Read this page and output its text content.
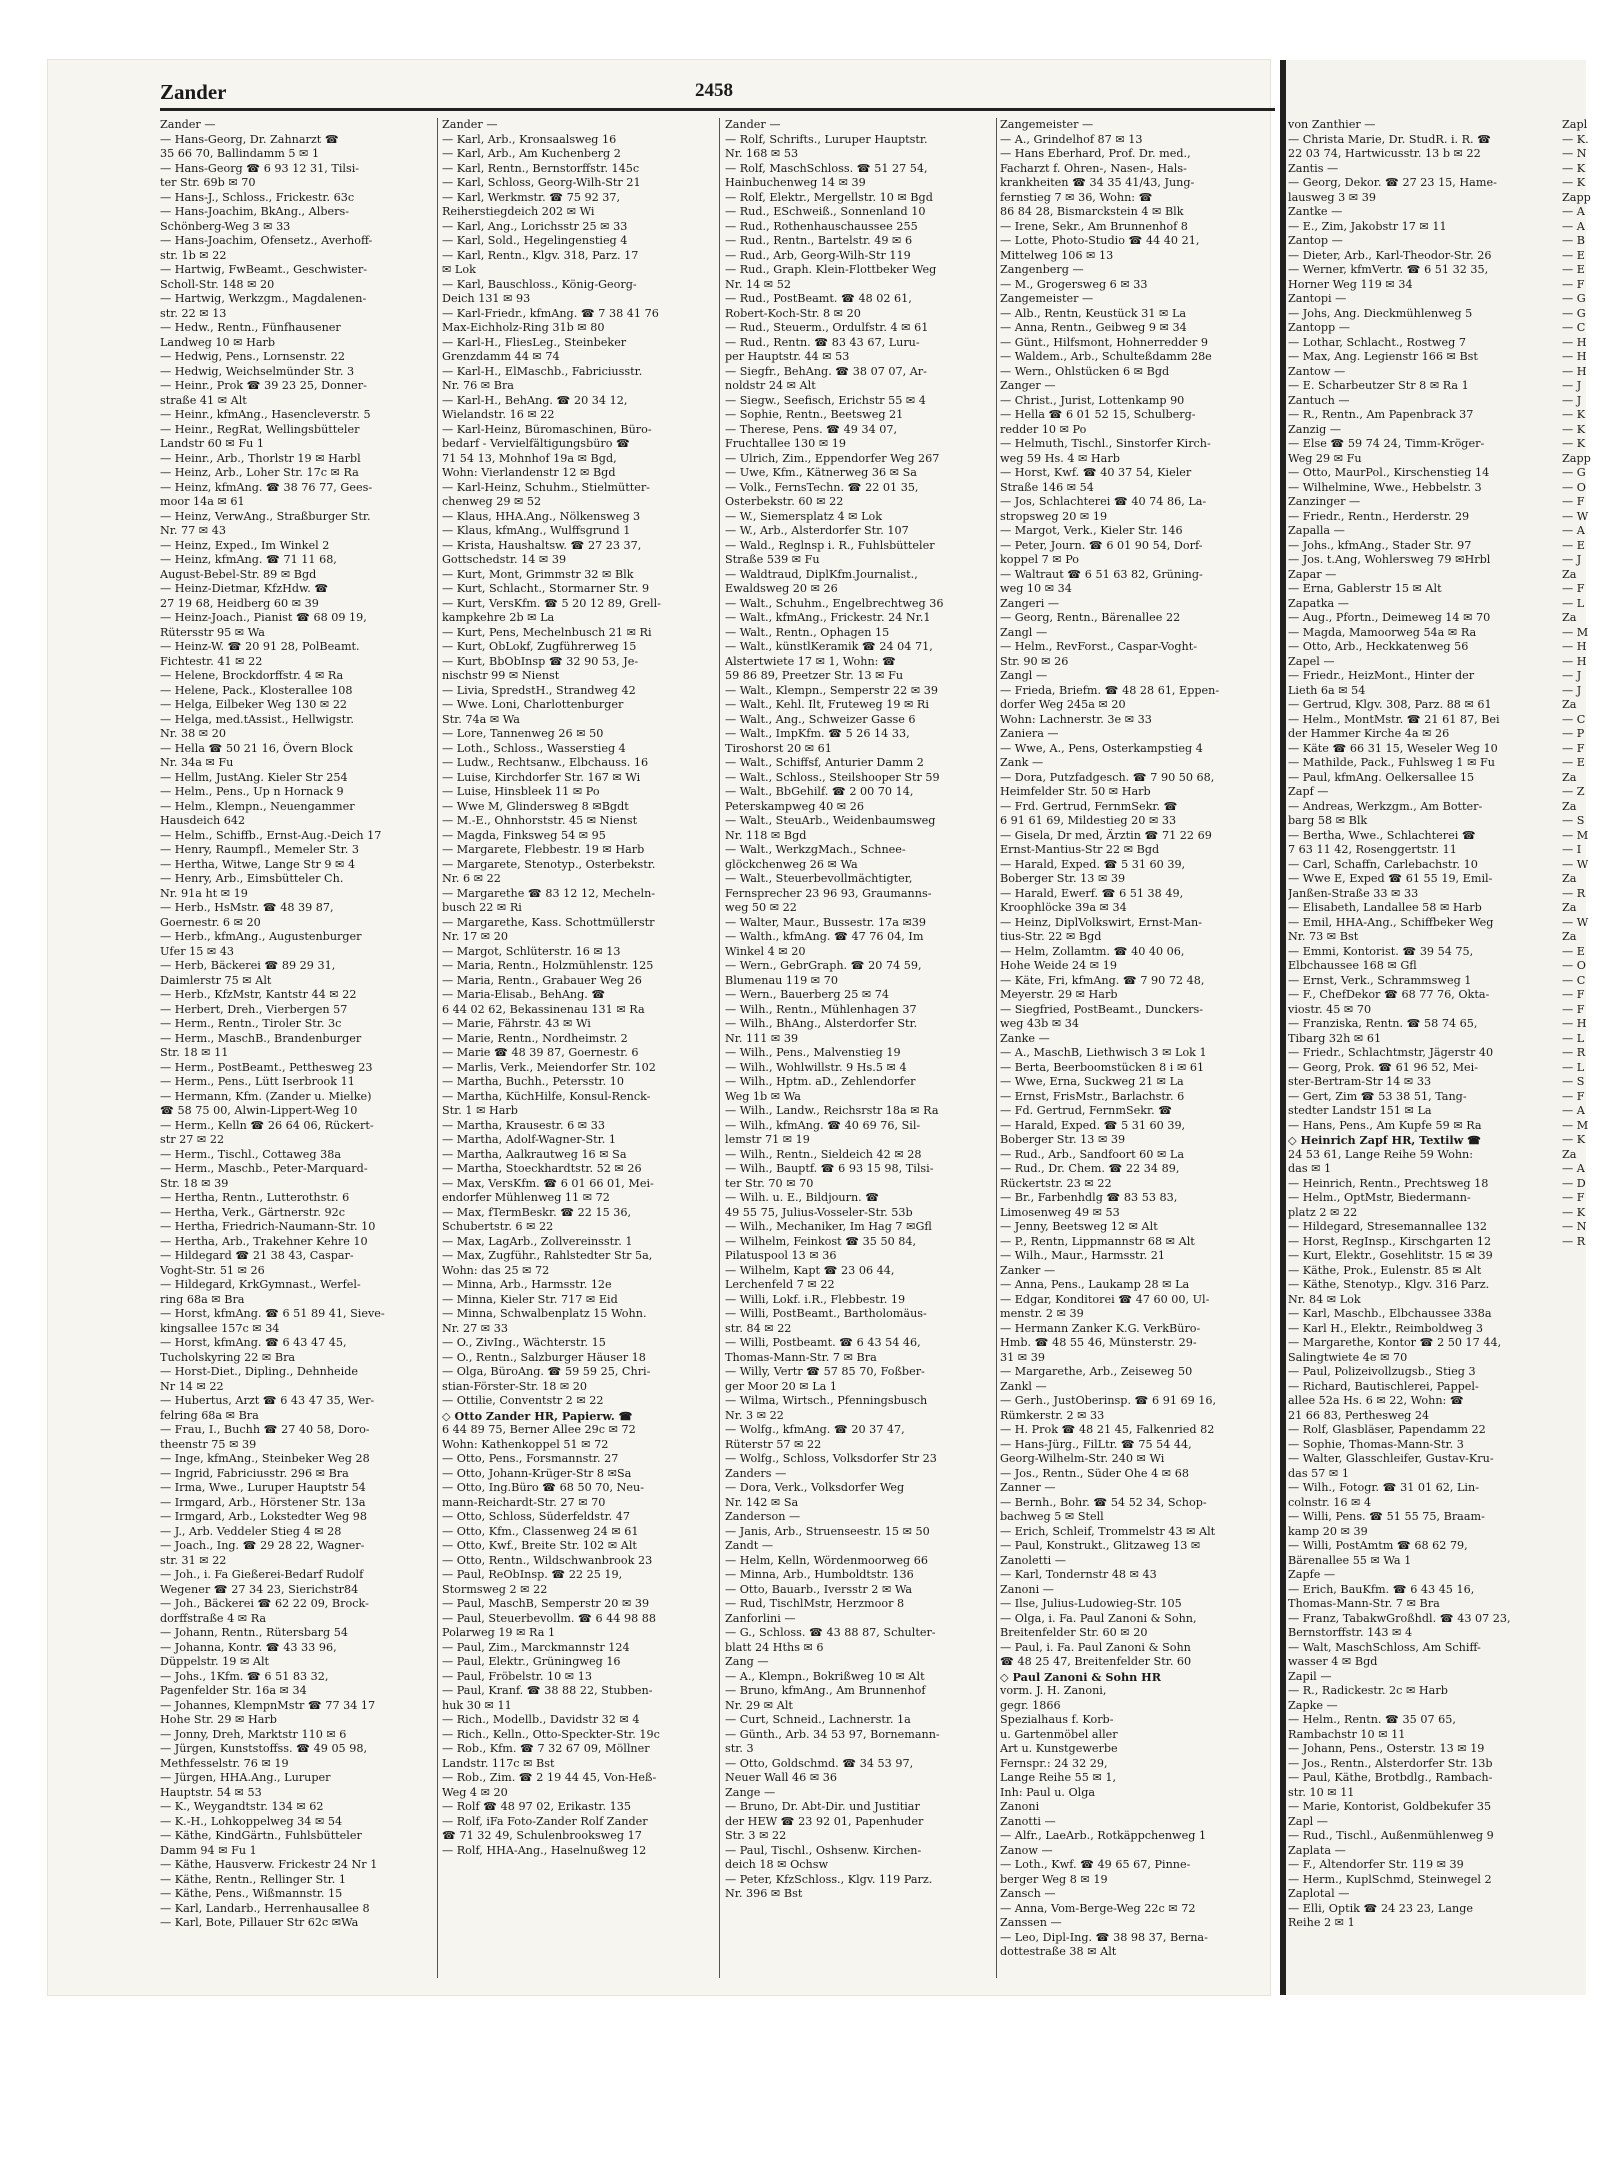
Zander	2458
Zander —
— Hans-Georg, Dr. Zahnarzt ☎
35 66 70, Ballindamm 5 ✉ 1
— Hans-Georg ☎ 6 93 12 31, Tilsi-
ter Str. 69b ✉ 70
— Hans-J., Schloss., Frickestr. 63c
— Hans-Joachim, BkAng., Albers-
Schönberg-Weg 3 ✉ 33
— Hans-Joachim, Ofensetz., Averhoff-
str. 1b ✉ 22
— Hartwig, FwBeamt., Geschwister-
Scholl-Str. 148 ✉ 20
— Hartwig, Werkzgm., Magdalenen-
str. 22 ✉ 13
— Hedw., Rentn., Fünfhausener
Landweg 10 ✉ Harb
— Hedwig, Pens., Lornsenstr. 22
— Hedwig, Weichselmünder Str. 3
— Heinr., Prok ☎ 39 23 25, Donner-
straße 41 ✉ Alt
— Heinr., kfmAng., Hasencleverstr. 5
— Heinr., RegRat, Wellingsbütteler
Landstr 60 ✉ Fu 1
— Heinr., Arb., Thorlstr 19 ✉ Harbl
— Heinz, Arb., Loher Str. 17c ✉ Ra
— Heinz, kfmAng. ☎ 38 76 77, Gees-
moor 14a ✉ 61
— Heinz, VerwAng., Straßburger Str.
Nr. 77 ✉ 43
— Heinz, Exped., Im Winkel 2
— Heinz, kfmAng. ☎ 71 11 68,
August-Bebel-Str. 89 ✉ Bgd
— Heinz-Dietmar, KfzHdw. ☎
27 19 68, Heidberg 60 ✉ 39
— Heinz-Joach., Pianist ☎ 68 09 19,
Rütersstr 95 ✉ Wa
— Heinz-W. ☎ 20 91 28, PolBeamt.
Fichtestr. 41 ✉ 22
— Helene, Brockdorffstr. 4 ✉ Ra
— Helene, Pack., Klosterallee 108
— Helga, Eilbeker Weg 130 ✉ 22
— Helga, med.tAssist., Hellwigstr.
Nr. 38 ✉ 20
— Hella ☎ 50 21 16, Övern Block
Nr. 34a ✉ Fu
— Hellm, JustAng. Kieler Str 254
— Helm., Pens., Up n Hornack 9
— Helm., Klempn., Neuengammer
Hausdeich 642
— Helm., Schiffb., Ernst-Aug.-Deich 17
— Henry, Raumpfl., Memeler Str. 3
— Hertha, Witwe, Lange Str 9 ✉ 4
— Henry, Arb., Eimsbütteler Ch.
Nr. 91a ht ✉ 19
— Herb., HsMstr. ☎ 48 39 87,
Goernestr. 6 ✉ 20
— Herb., kfmAng., Augustenburger
Ufer 15 ✉ 43
— Herb, Bäckerei ☎ 89 29 31,
Daimlerstr 75 ✉ Alt
— Herb., KfzMstr, Kantstr 44 ✉ 22
— Herbert, Dreh., Vierbergen 57
— Herm., Rentn., Tiroler Str. 3c
— Herm., MaschB., Brandenburger
Str. 18 ✉ 11
— Herm., PostBeamt., Petthesweg 23
— Herm., Pens., Lütt Iserbrook 11
— Hermann, Kfm. (Zander u. Mielke)
☎ 58 75 00, Alwin-Lippert-Weg 10
— Herm., Kelln ☎ 26 64 06, Rückert-
str 27 ✉ 22
— Herm., Tischl., Cottaweg 38a
— Herm., Maschb., Peter-Marquard-
Str. 18 ✉ 39
— Hertha, Rentn., Lutterothstr. 6
— Hertha, Verk., Gärtnerstr. 92c
— Hertha, Friedrich-Naumann-Str. 10
— Hertha, Arb., Trakehner Kehre 10
— Hildegard ☎ 21 38 43, Caspar-
Voght-Str. 51 ✉ 26
— Hildegard, KrkGymnast., Werfel-
ring 68a ✉ Bra
— Horst, kfmAng. ☎ 6 51 89 41, Sieve-
kingsallee 157c ✉ 34
— Horst, kfmAng. ☎ 6 43 47 45,
Tucholskyring 22 ✉ Bra
— Horst-Diet., Dipling., Dehnheide
Nr 14 ✉ 22
— Hubertus, Arzt ☎ 6 43 47 35, Wer-
felring 68a ✉ Bra
— Frau, I., Buchh ☎ 27 40 58, Doro-
theenstr 75 ✉ 39
— Inge, kfmAng., Steinbeker Weg 28
— Ingrid, Fabriciusstr. 296 ✉ Bra
— Irma, Wwe., Luruper Hauptstr 54
— Irmgard, Arb., Hörstener Str. 13a
— Irmgard, Arb., Lokstedter Weg 98
— J., Arb. Veddeler Stieg 4 ✉ 28
— Joach., Ing. ☎ 29 28 22, Wagner-
str. 31 ✉ 22
— Joh., i. Fa Gießerei-Bedarf Rudolf
Wegener ☎ 27 34 23, Sierichstr84
— Joh., Bäckerei ☎ 62 22 09, Brock-
dorffstraße 4 ✉ Ra
— Johann, Rentn., Rütersbarg 54
— Johanna, Kontr. ☎ 43 33 96,
Düppelstr. 19 ✉ Alt
— Johs., 1Kfm. ☎ 6 51 83 32,
Pagenfelder Str. 16a ✉ 34
— Johannes, KlempnMstr ☎ 77 34 17
Hohe Str. 29 ✉ Harb
— Jonny, Dreh, Marktstr 110 ✉ 6
— Jürgen, Kunststoffss. ☎ 49 05 98,
Methfesselstr. 76 ✉ 19
— Jürgen, HHA.Ang., Luruper
Hauptstr. 54 ✉ 53
— K., Weygandtstr. 134 ✉ 62
— K.-H., Lohkoppelweg 34 ✉ 54
— Käthe, KindGärtn., Fuhlsbütteler
Damm 94 ✉ Fu 1
— Käthe, Hausverw. Frickestr 24 Nr 1
— Käthe, Rentn., Rellinger Str. 1
— Käthe, Pens., Wißmannstr. 15
— Karl, Landarb., Herrenhausallee 8
— Karl, Bote, Pillauer Str 62c ✉Wa
Zander —
— Karl, Arb., Kronsaalsweg 16
— Karl, Arb., Am Kuchenberg 2
— Karl, Rentn., Bernstorffstr. 145c
— Karl, Schloss, Georg-Wilh-Str 21
— Karl, Werkmstr. ☎ 75 92 37,
Reiherstiegdeich 202 ✉ Wi
— Karl, Ang., Lorichsstr 25 ✉ 33
— Karl, Sold., Hegelingenstieg 4
— Karl, Rentn., Klgv. 318, Parz. 17
✉ Lok
— Karl, Bauschloss., König-Georg-
Deich 131 ✉ 93
— Karl-Friedr., kfmAng. ☎ 7 38 41 76
Max-Eichholz-Ring 31b ✉ 80
— Karl-H., FliesLeg., Steinbeker
Grenzdamm 44 ✉ 74
— Karl-H., ElMaschb., Fabriciusstr.
Nr. 76 ✉ Bra
— Karl-H., BehAng. ☎ 20 34 12,
Wielandstr. 16 ✉ 22
— Karl-Heinz, Büromaschinen, Büro-
bedarf - Vervielfältigungsbüro ☎
71 54 13, Mohnhof 19a ✉ Bgd,
Wohn: Vierlandenstr 12 ✉ Bgd
— Karl-Heinz, Schuhm., Stielmütter-
chenweg 29 ✉ 52
— Klaus, HHA.Ang., Nölkensweg 3
— Klaus, kfmAng., Wulffsgrund 1
— Krista, Haushaltsw. ☎ 27 23 37,
Gottschedstr. 14 ✉ 39
— Kurt, Mont, Grimmstr 32 ✉ Blk
— Kurt, Schlacht., Stormarner Str. 9
— Kurt, VersKfm. ☎ 5 20 12 89, Grell-
kampkehre 2b ✉ La
— Kurt, Pens, Mechelnbusch 21 ✉ Ri
— Kurt, ObLokf, Zugführerweg 15
— Kurt, BbObInsp ☎ 32 90 53, Je-
nischstr 99 ✉ Nienst
— Livia, SpredstH., Strandweg 42
— Wwe. Loni, Charlottenburger
Str. 74a ✉ Wa
— Lore, Tannenweg 26 ✉ 50
— Loth., Schloss., Wasserstieg 4
— Ludw., Rechtsanw., Elbchauss. 16
— Luise, Kirchdorfer Str. 167 ✉ Wi
— Luise, Hinsbleek 11 ✉ Po
— Wwe M, Glindersweg 8 ✉Bgdt
— M.-E., Ohnhorststr. 45 ✉ Nienst
— Magda, Finksweg 54 ✉ 95
— Margarete, Flebbestr. 19 ✉ Harb
— Margarete, Stenotyp., Osterbekstr.
Nr. 6 ✉ 22
— Margarethe ☎ 83 12 12, Mecheln-
busch 22 ✉ Ri
— Margarethe, Kass. Schottmüllerstr
Nr. 17 ✉ 20
— Margot, Schlüterstr. 16 ✉ 13
— Maria, Rentn., Holzmühlenstr. 125
— Maria, Rentn., Grabauer Weg 26
— Maria-Elisab., BehAng. ☎
6 44 02 62, Bekassinenau 131 ✉ Ra
— Marie, Fährstr. 43 ✉ Wi
— Marie, Rentn., Nordheimstr. 2
— Marie ☎ 48 39 87, Goernestr. 6
— Marlis, Verk., Meiendorfer Str. 102
— Martha, Buchh., Petersstr. 10
— Martha, KüchHilfe, Konsul-Renck-
Str. 1 ✉ Harb
— Martha, Krausestr. 6 ✉ 33
— Martha, Adolf-Wagner-Str. 1
— Martha, Aalkrautweg 16 ✉ Sa
— Martha, Stoeckhardtstr. 52 ✉ 26
— Max, VersKfm. ☎ 6 01 66 01, Mei-
endorfer Mühlenweg 11 ✉ 72
— Max, fTermBeskr. ☎ 22 15 36,
Schubertstr. 6 ✉ 22
— Max, LagArb., Zollvereinsstr. 1
— Max, Zugführ., Rahlstedter Str 5a,
Wohn: das 25 ✉ 72
— Minna, Arb., Harmsstr. 12e
— Minna, Kieler Str. 717 ✉ Eid
— Minna, Schwalbenplatz 15 Wohn.
Nr. 27 ✉ 33
— O., ZivIng., Wächterstr. 15
— O., Rentn., Salzburger Häuser 18
— Olga, BüroAng. ☎ 59 59 25, Chri-
stian-Förster-Str. 18 ✉ 20
— Ottilie, Conventstr 2 ✉ 22
◇ Otto Zander HR, Papierw. ☎
6 44 89 75, Berner Allee 29c ✉ 72
Wohn: Kathenkoppel 51 ✉ 72
— Otto, Pens., Forsmannstr. 27
— Otto, Johann-Krüger-Str 8 ✉Sa
— Otto, Ing.Büro ☎ 68 50 70, Neu-
mann-Reichardt-Str. 27 ✉ 70
— Otto, Schloss, Süderfeldstr. 47
— Otto, Kfm., Classenweg 24 ✉ 61
— Otto, Kwf., Breite Str. 102 ✉ Alt
— Otto, Rentn., Wildschwanbrook 23
— Paul, ReObInsp. ☎ 22 25 19,
Stormsweg 2 ✉ 22
— Paul, MaschB, Semperstr 20 ✉ 39
— Paul, Steuerbevollm. ☎ 6 44 98 88
Polarweg 19 ✉ Ra 1
— Paul, Zim., Marckmannstr 124
— Paul, Elektr., Grüningweg 16
— Paul, Fröbelstr. 10 ✉ 13
— Paul, Kranf. ☎ 38 88 22, Stubben-
huk 30 ✉ 11
— Rich., Modellb., Davidstr 32 ✉ 4
— Rich., Kelln., Otto-Speckter-Str. 19c
— Rob., Kfm. ☎ 7 32 67 09, Möllner
Landstr. 117c ✉ Bst
— Rob., Zim. ☎ 2 19 44 45, Von-Heß-
Weg 4 ✉ 20
— Rolf ☎ 48 97 02, Erikastr. 135
— Rolf, iFa Foto-Zander Rolf Zander
☎ 71 32 49, Schulenbrooksweg 17
— Rolf, HHA-Ang., Haselnußweg 12
Zander —
— Rolf, Schrifts., Luruper Hauptstr.
Nr. 168 ✉ 53
— Rolf, MaschSchloss. ☎ 51 27 54,
Hainbuchenweg 14 ✉ 39
— Rolf, Elektr., Mergellstr. 10 ✉ Bgd
— Rud., ESchweiß., Sonnenland 10
— Rud., Rothenhauschaussee 255
— Rud., Rentn., Bartelstr. 49 ✉ 6
— Rud., Arb, Georg-Wilh-Str 119
— Rud., Graph. Klein-Flottbeker Weg
Nr. 14 ✉ 52
— Rud., PostBeamt. ☎ 48 02 61,
Robert-Koch-Str. 8 ✉ 20
— Rud., Steuerm., Ordulfstr. 4 ✉ 61
— Rud., Rentn. ☎ 83 43 67, Luru-
per Hauptstr. 44 ✉ 53
— Siegfr., BehAng. ☎ 38 07 07, Ar-
noldstr 24 ✉ Alt
— Siegw., Seefisch, Erichstr 55 ✉ 4
— Sophie, Rentn., Beetsweg 21
— Therese, Pens. ☎ 49 34 07,
Fruchtallee 130 ✉ 19
— Ulrich, Zim., Eppendorfer Weg 267
— Uwe, Kfm., Kätnerweg 36 ✉ Sa
— Volk., FernsTechn. ☎ 22 01 35,
Osterbekstr. 60 ✉ 22
— W., Siemersplatz 4 ✉ Lok
— W., Arb., Alsterdorfer Str. 107
— Wald., Reglnsp i. R., Fuhlsbütteler
Straße 539 ✉ Fu
— Waldtraud, DiplKfm.Journalist.,
Ewaldsweg 20 ✉ 26
— Walt., Schuhm., Engelbrechtweg 36
— Walt., kfmAng., Frickestr. 24 Nr.1
— Walt., Rentn., Ophagen 15
— Walt., künstlKeramik ☎ 24 04 71,
Alstertwiete 17 ✉ 1, Wohn: ☎
59 86 89, Preetzer Str. 13 ✉ Fu
— Walt., Klempn., Semperstr 22 ✉ 39
— Walt., Kehl. Ilt, Fruteweg 19 ✉ Ri
— Walt., Ang., Schweizer Gasse 6
— Walt., ImpKfm. ☎ 5 26 14 33,
Tiroshorst 20 ✉ 61
— Walt., Schiffsf, Anturier Damm 2
— Walt., Schloss., Steilshooper Str 59
— Walt., BbGehilf. ☎ 2 00 70 14,
Peterskampweg 40 ✉ 26
— Walt., SteuArb., Weidenbaumsweg
Nr. 118 ✉ Bgd
— Walt., WerkzgMach., Schnee-
glöckchenweg 26 ✉ Wa
— Walt., Steuerbevollmächtigter,
Fernsprecher 23 96 93, Graumanns-
weg 50 ✉ 22
— Walter, Maur., Bussestr. 17a ✉39
— Walth., kfmAng. ☎ 47 76 04, Im
Winkel 4 ✉ 20
— Wern., GebrGraph. ☎ 20 74 59,
Blumenau 119 ✉ 70
— Wern., Bauerberg 25 ✉ 74
— Wilh., Rentn., Mühlenhagen 37
— Wilh., BhAng., Alsterdorfer Str.
Nr. 111 ✉ 39
— Wilh., Pens., Malvenstieg 19
— Wilh., Wohlwillstr. 9 Hs.5 ✉ 4
— Wilh., Hptm. aD., Zehlendorfer
Weg 1b ✉ Wa
— Wilh., Landw., Reichsrstr 18a ✉ Ra
— Wilh., kfmAng. ☎ 40 69 76, Sil-
lemstr 71 ✉ 19
— Wilh., Rentn., Sieldeich 42 ✉ 28
— Wilh., Bauptf. ☎ 6 93 15 98, Tilsi-
ter Str. 70 ✉ 70
— Wilh. u. E., Bildjourn. ☎
49 55 75, Julius-Vosseler-Str. 53b
— Wilh., Mechaniker, Im Hag 7 ✉Gfl
— Wilhelm, Feinkost ☎ 35 50 84,
Pilatuspool 13 ✉ 36
— Wilhelm, Kapt ☎ 23 06 44,
Lerchenfeld 7 ✉ 22
— Willi, Lokf. i.R., Flebbestr. 19
— Willi, PostBeamt., Bartholomäus-
str. 84 ✉ 22
— Willi, Postbeamt. ☎ 6 43 54 46,
Thomas-Mann-Str. 7 ✉ Bra
— Willy, Vertr ☎ 57 85 70, Foßber-
ger Moor 20 ✉ La 1
— Wilma, Wirtsch., Pfenningsbusch
Nr. 3 ✉ 22
— Wolfg., kfmAng. ☎ 20 37 47,
Rüterstr 57 ✉ 22
— Wolfg., Schloss, Volksdorfer Str 23
Zanders —
— Dora, Verk., Volksdorfer Weg
Nr. 142 ✉ Sa
Zanderson —
— Janis, Arb., Struenseestr. 15 ✉ 50
Zandt —
— Helm, Kelln, Wördenmoorweg 66
— Minna, Arb., Humboldtstr. 136
— Otto, Bauarb., Iversstr 2 ✉ Wa
— Rud, TischlMstr, Herzmoor 8
Zanforlini —
— G., Schloss. ☎ 43 88 87, Schulter-
blatt 24 Hths ✉ 6
Zang —
— A., Klempn., Bokrißweg 10 ✉ Alt
— Bruno, kfmAng., Am Brunnenhof
Nr. 29 ✉ Alt
— Curt, Schneid., Lachnerstr. 1a
— Günth., Arb. 34 53 97, Bornemann-
str. 3
— Otto, Goldschmd. ☎ 34 53 97,
Neuer Wall 46 ✉ 36
Zange —
— Bruno, Dr. Abt-Dir. und Justitiar
der HEW ☎ 23 92 01, Papenhuder
Str. 3 ✉ 22
— Paul, Tischl., Oshsenw. Kirchen-
deich 18 ✉ Ochsw
— Peter, KfzSchloss., Klgv. 119 Parz.
Nr. 396 ✉ Bst
Zangemeister —
— A., Grindelhof 87 ✉ 13
— Hans Eberhard, Prof. Dr. med.,
Facharzt f. Ohren-, Nasen-, Hals-
krankheiten ☎ 34 35 41/43, Jung-
fernstieg 7 ✉ 36, Wohn: ☎
86 84 28, Bismarckstein 4 ✉ Blk
— Irene, Sekr., Am Brunnenhof 8
— Lotte, Photo-Studio ☎ 44 40 21,
Mittelweg 106 ✉ 13
Zangenberg —
— M., Grogersweg 6 ✉ 33
Zangemeister —
— Alb., Rentn, Keustück 31 ✉ La
— Anna, Rentn., Geibweg 9 ✉ 34
— Günt., Hilfsmont, Hohnerredder 9
— Waldem., Arb., Schulteßdamm 28e
— Wern., Ohlstücken 6 ✉ Bgd
Zanger —
— Christ., Jurist, Lottenkamp 90
— Hella ☎ 6 01 52 15, Schulberg-
redder 10 ✉ Po
— Helmuth, Tischl., Sinstorfer Kirch-
weg 59 Hs. 4 ✉ Harb
— Horst, Kwf. ☎ 40 37 54, Kieler
Straße 146 ✉ 54
— Jos, Schlachterei ☎ 40 74 86, La-
stropsweg 20 ✉ 19
— Margot, Verk., Kieler Str. 146
— Peter, Journ. ☎ 6 01 90 54, Dorf-
koppel 7 ✉ Po
— Waltraut ☎ 6 51 63 82, Grüning-
weg 10 ✉ 34
Zangeri —
— Georg, Rentn., Bärenallee 22
Zangl —
— Helm., RevForst., Caspar-Voght-
Str. 90 ✉ 26
Zangl —
— Frieda, Briefm. ☎ 48 28 61, Eppen-
dorfer Weg 245a ✉ 20
Wohn: Lachnerstr. 3e ✉ 33
Zaniera —
— Wwe, A., Pens, Osterkampstieg 4
Zank —
— Dora, Putzfadgesch. ☎ 7 90 50 68,
Heimfelder Str. 50 ✉ Harb
— Frd. Gertrud, FernmSekr. ☎
6 91 61 69, Mildestieg 20 ✉ 33
— Gisela, Dr med, Ärztin ☎ 71 22 69
Ernst-Mantius-Str 22 ✉ Bgd
— Harald, Exped. ☎ 5 31 60 39,
Boberger Str. 13 ✉ 39
— Harald, Ewerf. ☎ 6 51 38 49,
Kroophlöcke 39a ✉ 34
— Heinz, DiplVolkswirt, Ernst-Man-
tius-Str. 22 ✉ Bgd
— Helm, Zollamtm. ☎ 40 40 06,
Hohe Weide 24 ✉ 19
— Käte, Fri, kfmAng. ☎ 7 90 72 48,
Meyerstr. 29 ✉ Harb
— Siegfried, PostBeamt., Dunckers-
weg 43b ✉ 34
Zanke —
— A., MaschB, Liethwisch 3 ✉ Lok 1
— Berta, Beerboomstücken 8 i ✉ 61
— Wwe, Erna, Suckweg 21 ✉ La
— Ernst, FrisMstr., Barlachstr. 6
— Fd. Gertrud, FernmSekr. ☎
— Harald, Exped. ☎ 5 31 60 39,
Boberger Str. 13 ✉ 39
— Rud., Arb., Sandfoort 60 ✉ La
— Rud., Dr. Chem. ☎ 22 34 89,
Rückertstr. 23 ✉ 22
— Br., Farbenhdlg ☎ 83 53 83,
Limosenweg 49 ✉ 53
— Jenny, Beetsweg 12 ✉ Alt
— P., Rentn, Lippmannstr 68 ✉ Alt
— Wilh., Maur., Harmsstr. 21
Zanker —
— Anna, Pens., Laukamp 28 ✉ La
— Edgar, Konditorei ☎ 47 60 00, Ul-
menstr. 2 ✉ 39
— Hermann Zanker K.G. VerkBüro-
Hmb. ☎ 48 55 46, Münsterstr. 29-
31 ✉ 39
— Margarethe, Arb., Zeiseweg 50
Zankl —
— Gerh., JustOberinsp. ☎ 6 91 69 16,
Rümkerstr. 2 ✉ 33
— H. Prok ☎ 48 21 45, Falkenried 82
— Hans-Jürg., FilLtr. ☎ 75 54 44,
Georg-Wilhelm-Str. 240 ✉ Wi
— Jos., Rentn., Süder Ohe 4 ✉ 68
Zanner —
— Bernh., Bohr. ☎ 54 52 34, Schop-
bachweg 5 ✉ Stell
— Erich, Schleif, Trommelstr 43 ✉ Alt
— Paul, Konstrukt., Glitzaweg 13 ✉
Zanoletti —
— Karl, Tondernstr 48 ✉ 43
Zanoni —
— Ilse, Julius-Ludowieg-Str. 105
— Olga, i. Fa. Paul Zanoni & Sohn,
Breitenfelder Str. 60 ✉ 20
— Paul, i. Fa. Paul Zanoni & Sohn
☎ 48 25 47, Breitenfelder Str. 60
◇ Paul Zanoni & Sohn HR
vorm. J. H. Zanoni,
gegr. 1866
Spezialhaus f. Korb-
u. Gartenmöbel aller
Art u. Kunstgewerbe
Fernspr.: 24 32 29,
Lange Reihe 55 ✉ 1,
Inh: Paul u. Olga
Zanoni
Zanotti —
— Alfr., LaeArb., Rotkäppchenweg 1
Zanow —
— Loth., Kwf. ☎ 49 65 67, Pinne-
berger Weg 8 ✉ 19
Zansch —
— Anna, Vom-Berge-Weg 22c ✉ 72
Zanssen —
— Leo, Dipl-Ing. ☎ 38 98 37, Berna-
dottestraße 38 ✉ Alt
von Zanthier —
— Christa Marie, Dr. StudR. i. R. ☎
22 03 74, Hartwicusstr. 13 b ✉ 22
Zantis —
— Georg, Dekor. ☎ 27 23 15, Hame-
lausweg 3 ✉ 39
Zantke —
— E., Zim, Jakobstr 17 ✉ 11
Zantop —
— Dieter, Arb., Karl-Theodor-Str. 26
— Werner, kfmVertr. ☎ 6 51 32 35,
Horner Weg 119 ✉ 34
Zantopi —
— Johs, Ang. Dieckmühlenweg 5
Zantopp —
— Lothar, Schlacht., Rostweg 7
— Max, Ang. Legienstr 166 ✉ Bst
Zantow —
— E. Scharbeutzer Str 8 ✉ Ra 1
Zantuch —
— R., Rentn., Am Papenbrack 37
Zanzig —
— Else ☎ 59 74 24, Timm-Kröger-
Weg 29 ✉ Fu
— Otto, MaurPol., Kirschenstieg 14
— Wilhelmine, Wwe., Hebbelstr. 3
Zanzinger —
— Friedr., Rentn., Herderstr. 29
Zapalla —
— Johs., kfmAng., Stader Str. 97
— Jos. t.Ang, Wohlersweg 79 ✉Hrbl
Zapar —
— Erna, Gablerstr 15 ✉ Alt
Zapatka —
— Aug., Pfortn., Deimeweg 14 ✉ 70
— Magda, Mamoorweg 54a ✉ Ra
— Otto, Arb., Heckkatenweg 56
Zapel —
— Friedr., HeizMont., Hinter der
Lieth 6a ✉ 54
— Gertrud, Klgv. 308, Parz. 88 ✉ 61
— Helm., MontMstr. ☎ 21 61 87, Bei
der Hammer Kirche 4a ✉ 26
— Käte ☎ 66 31 15, Weseler Weg 10
— Mathilde, Pack., Fuhlsweg 1 ✉ Fu
— Paul, kfmAng. Oelkersallee 15
Zapf —
— Andreas, Werkzgm., Am Botter-
barg 58 ✉ Blk
— Bertha, Wwe., Schlachterei ☎
7 63 11 42, Rosenggertstr. 11
— Carl, Schaffn, Carlebachstr. 10
— Wwe E, Exped ☎ 61 55 19, Emil-
Janßen-Straße 33 ✉ 33
— Elisabeth, Landallee 58 ✉ Harb
— Emil, HHA-Ang., Schiffbeker Weg
Nr. 73 ✉ Bst
— Emmi, Kontorist. ☎ 39 54 75,
Elbchaussee 168 ✉ Gfl
— Ernst, Verk., Schrammsweg 1
— F., ChefDekor ☎ 68 77 76, Okta-
viostr. 45 ✉ 70
— Franziska, Rentn. ☎ 58 74 65,
Tibarg 32h ✉ 61
— Friedr., Schlachtmstr, Jägerstr 40
— Georg, Prok. ☎ 61 96 52, Mei-
ster-Bertram-Str 14 ✉ 33
— Gert, Zim ☎ 53 38 51, Tang-
stedter Landstr 151 ✉ La
— Hans, Pens., Am Kupfe 59 ✉ Ra
◇ Heinrich Zapf HR, Textilw ☎
24 53 61, Lange Reihe 59 Wohn:
das ✉ 1
— Heinrich, Rentn., Prechtsweg 18
— Helm., OptMstr, Biedermann-
platz 2 ✉ 22
— Hildegard, Stresemannallee 132
— Horst, RegInsp., Kirschgarten 12
— Kurt, Elektr., Gosehlitstr. 15 ✉ 39
— Käthe, Prok., Eulenstr. 85 ✉ Alt
— Käthe, Stenotyp., Klgv. 316 Parz.
Nr. 84 ✉ Lok
— Karl, Maschb., Elbchaussee 338a
— Karl H., Elektr., Reimboldweg 3
— Margarethe, Kontor ☎ 2 50 17 44,
Salingtwiete 4e ✉ 70
— Paul, Polizeivollzugsb., Stieg 3
— Richard, Bautischlerei, Pappel-
allee 52a Hs. 6 ✉ 22, Wohn: ☎
21 66 83, Perthesweg 24
— Rolf, Glasbläser, Papendamm 22
— Sophie, Thomas-Mann-Str. 3
— Walter, Glasschleifer, Gustav-Kru-
das 57 ✉ 1
— Wilh., Fotogr. ☎ 31 01 62, Lin-
colnstr. 16 ✉ 4
— Willi, Pens. ☎ 51 55 75, Braam-
kamp 20 ✉ 39
— Willi, PostAmtm ☎ 68 62 79,
Bärenallee 55 ✉ Wa 1
Zapfe —
— Erich, BauKfm. ☎ 6 43 45 16,
Thomas-Mann-Str. 7 ✉ Bra
— Franz, TabakwGroßhdl. ☎ 43 07 23,
Bernstorffstr. 143 ✉ 4
— Walt, MaschSchloss, Am Schiff-
wasser 4 ✉ Bgd
Zapil —
— R., Radickestr. 2c ✉ Harb
Zapke —
— Helm., Rentn. ☎ 35 07 65,
Rambachstr 10 ✉ 11
— Johann, Pens., Osterstr. 13 ✉ 19
— Jos., Rentn., Alsterdorfer Str. 13b
— Paul, Käthe, Brotbdlg., Rambach-
str. 10 ✉ 11
— Marie, Kontorist, Goldbekufer 35
Zapl —
— Rud., Tischl., Außenmühlenweg 9
Zaplata —
— F., Altendorfer Str. 119 ✉ 39
— Herm., KuplSchmd, Steinwegel 2
Zaplotal —
— Elli, Optik ☎ 24 23 23, Lange
Reihe 2 ✉ 1
Zapl
— K.
— N
— K
— K
Zapp
— A
— A
— B
— E
— E
— F
— G
— G
— C
— H
— H
— H
— J
— J
— K
— K
— K
Zapp
— G
— O
— F
— W
— A
— E
— J
Za
— F
— L
Za
— M
— H
— H
— J
— J
Za
— C
— P
— F
— E
Za
— Z
Za
— S
— M
— I
— W
Za
— R
Za
— W
Za
— E
— O
— C
— F
— F
— H
— L
— R
— L
— S
— F
— A
— M
— K
Za
— A
— D
— F
— K
— N
— R
